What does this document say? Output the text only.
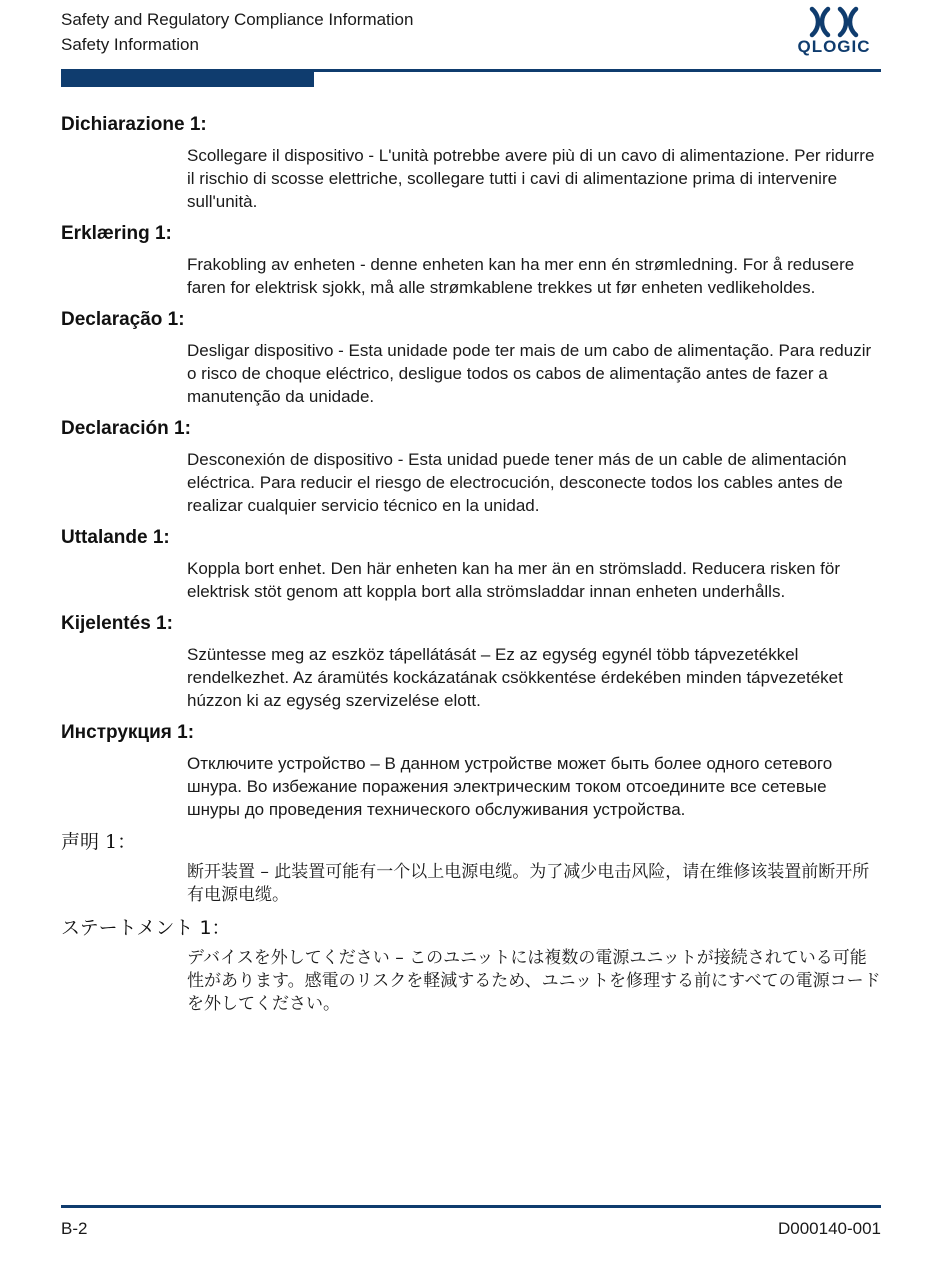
Safety and Regulatory Compliance Information
Safety Information	QLOGIC
Dichiarazione 1:
Scollegare il dispositivo - L'unità potrebbe avere più di un cavo di alimentazione. Per ridurre il rischio di scosse elettriche, scollegare tutti i cavi di alimentazione prima di intervenire sull'unità.
Erklæring 1:
Frakobling av enheten - denne enheten kan ha mer enn én strømledning. For å redusere faren for elektrisk sjokk, må alle strømkablene trekkes ut før enheten vedlikeholdes.
Declaração 1:
Desligar dispositivo - Esta unidade pode ter mais de um cabo de alimentação. Para reduzir o risco de choque eléctrico, desligue todos os cabos de alimentação antes de fazer a manutenção da unidade.
Declaración 1:
Desconexión de dispositivo - Esta unidad puede tener más de un cable de alimentación eléctrica. Para reducir el riesgo de electrocución, desconecte todos los cables antes de realizar cualquier servicio técnico en la unidad.
Uttalande 1:
Koppla bort enhet. Den här enheten kan ha mer än en strömsladd. Reducera risken för elektrisk stöt genom att koppla bort alla strömsladdar innan enheten underhålls.
Kijelentés 1:
Szüntesse meg az eszköz tápellátását – Ez az egység egynél több tápvezetékkel rendelkezhet. Az áramütés kockázatának csökkentése érdekében minden tápvezetéket húzzon ki az egység szervizelése elott.
Инструкция 1:
Отключите устройство – В данном устройстве может быть более одного сетевого шнура. Во избежание поражения электрическим током отсоедините все сетевые шнуры до проведения технического обслуживания устройства.
声明 1：
断开装置 – 此装置可能有一个以上电源电缆。为了减少电击风险，请在维修该装置前断开所有电源电缆。
ステートメント 1：
デバイスを外してください – このユニットには複数の電源ユニットが接続されている可能性があります。感電のリスクを軽減するため、ユニットを修理する前にすべての電源コードを外してください。
B-2	D000140-001
